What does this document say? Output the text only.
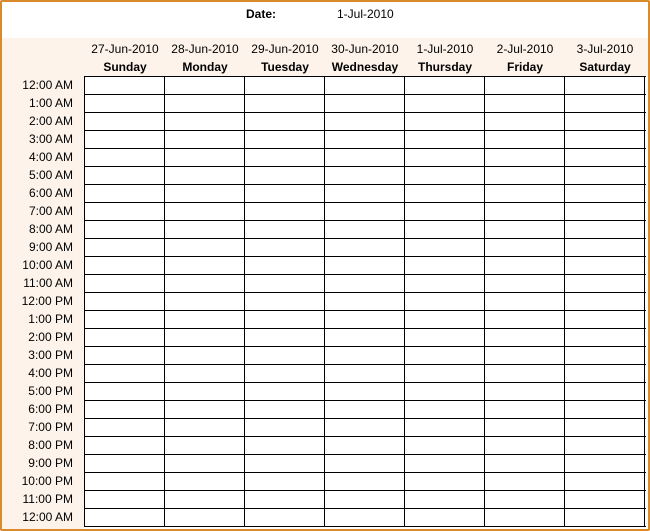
Date:	1-Jul-2010
27-Jun-2010
Sunday
28-Jun-2010
Monday
29-Jun-2010
Tuesday
30-Jun-2010
Wednesday
1-Jul-2010
Thursday
2-Jul-2010
Friday
3-Jul-2010
Saturday
12:00 AM
1:00 AM
2:00 AM
3:00 AM
4:00 AM
5:00 AM
6:00 AM
7:00 AM
8:00 AM
9:00 AM
10:00 AM
11:00 AM
12:00 PM
1:00 PM
2:00 PM
3:00 PM
4:00 PM
5:00 PM
6:00 PM
7:00 PM
8:00 PM
9:00 PM
10:00 PM
11:00 PM
12:00 AM
